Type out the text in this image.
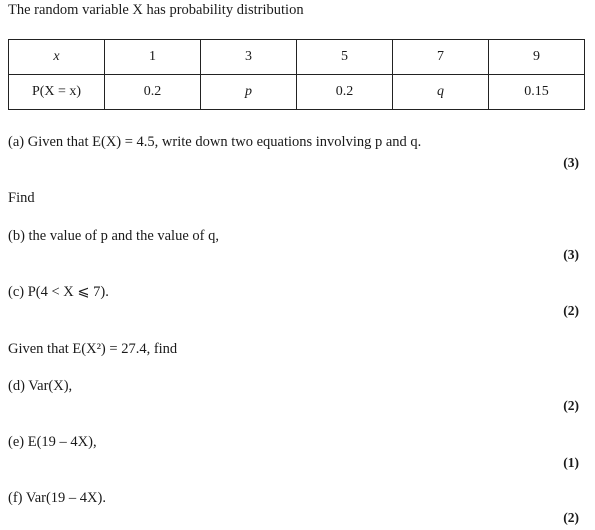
The random variable X has probability distribution
x	1	3	5	7	9
P(X = x)	0.2	p	0.2	q	0.15
(a) Given that E(X) = 4.5, write down two equations involving p and q.
(3)
Find
(b) the value of p and the value of q,
(3)
(c) P(4 < X ⩽ 7).
(2)
Given that E(X²) = 27.4, find
(d) Var(X),
(2)
(e) E(19 – 4X),
(1)
(f) Var(19 – 4X).
(2)
